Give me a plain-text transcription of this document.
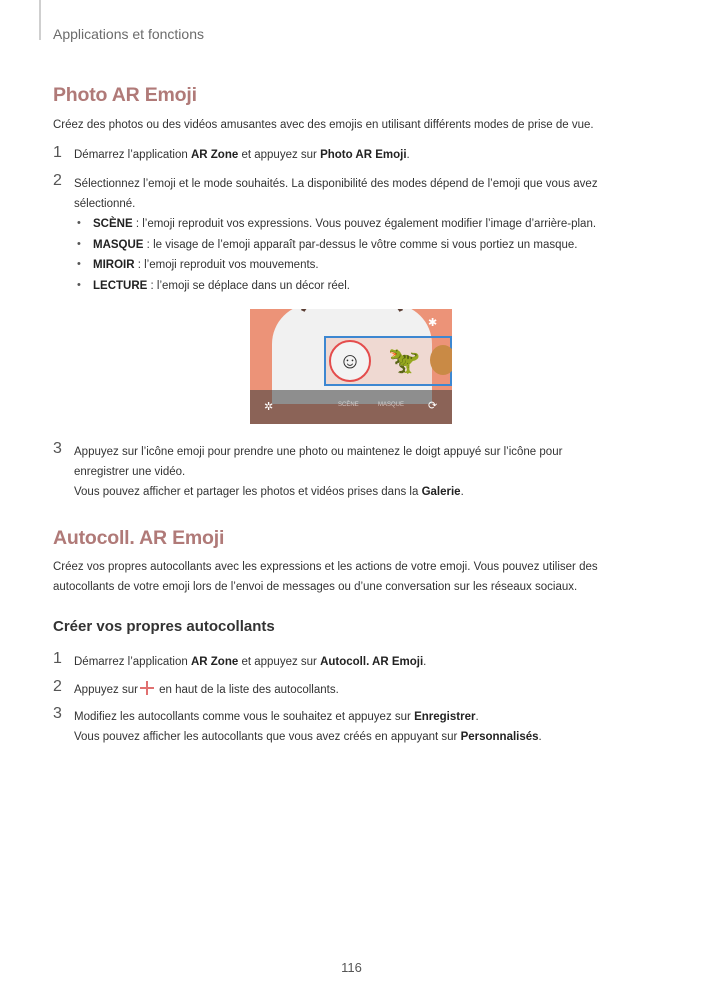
Applications et fonctions
Photo AR Emoji
Créez des photos ou des vidéos amusantes avec des emojis en utilisant différents modes de prise de vue.
1 Démarrez l’application AR Zone et appuyez sur Photo AR Emoji.
2 Sélectionnez l’emoji et le mode souhaités. La disponibilité des modes dépend de l’emoji que vous avez
sélectionné.
• SCÈNE : l’emoji reproduit vos expressions. Vous pouvez également modifier l’image d’arrière-plan.
• MASQUE : le visage de l’emoji apparaît par-dessus le vôtre comme si vous portiez un masque.
• MIROIR : l’emoji reproduit vos mouvements.
• LECTURE : l’emoji se déplace dans un décor réel.
✱
☺	🦖
✲	SCÈNE	MASQUE ⟳
3 Appuyez sur l’icône emoji pour prendre une photo ou maintenez le doigt appuyé sur l’icône pour
enregistrer une vidéo.
Vous pouvez afficher et partager les photos et vidéos prises dans la Galerie.
Autocoll. AR Emoji
Créez vos propres autocollants avec les expressions et les actions de votre emoji. Vous pouvez utiliser des
autocollants de votre emoji lors de l’envoi de messages ou d’une conversation sur les réseaux sociaux.
Créer vos propres autocollants
1 Démarrez l’application AR Zone et appuyez sur Autocoll. AR Emoji.
2 Appuyez sur en haut de la liste des autocollants.
3 Modifiez les autocollants comme vous le souhaitez et appuyez sur Enregistrer.
Vous pouvez afficher les autocollants que vous avez créés en appuyant sur Personnalisés.
116
